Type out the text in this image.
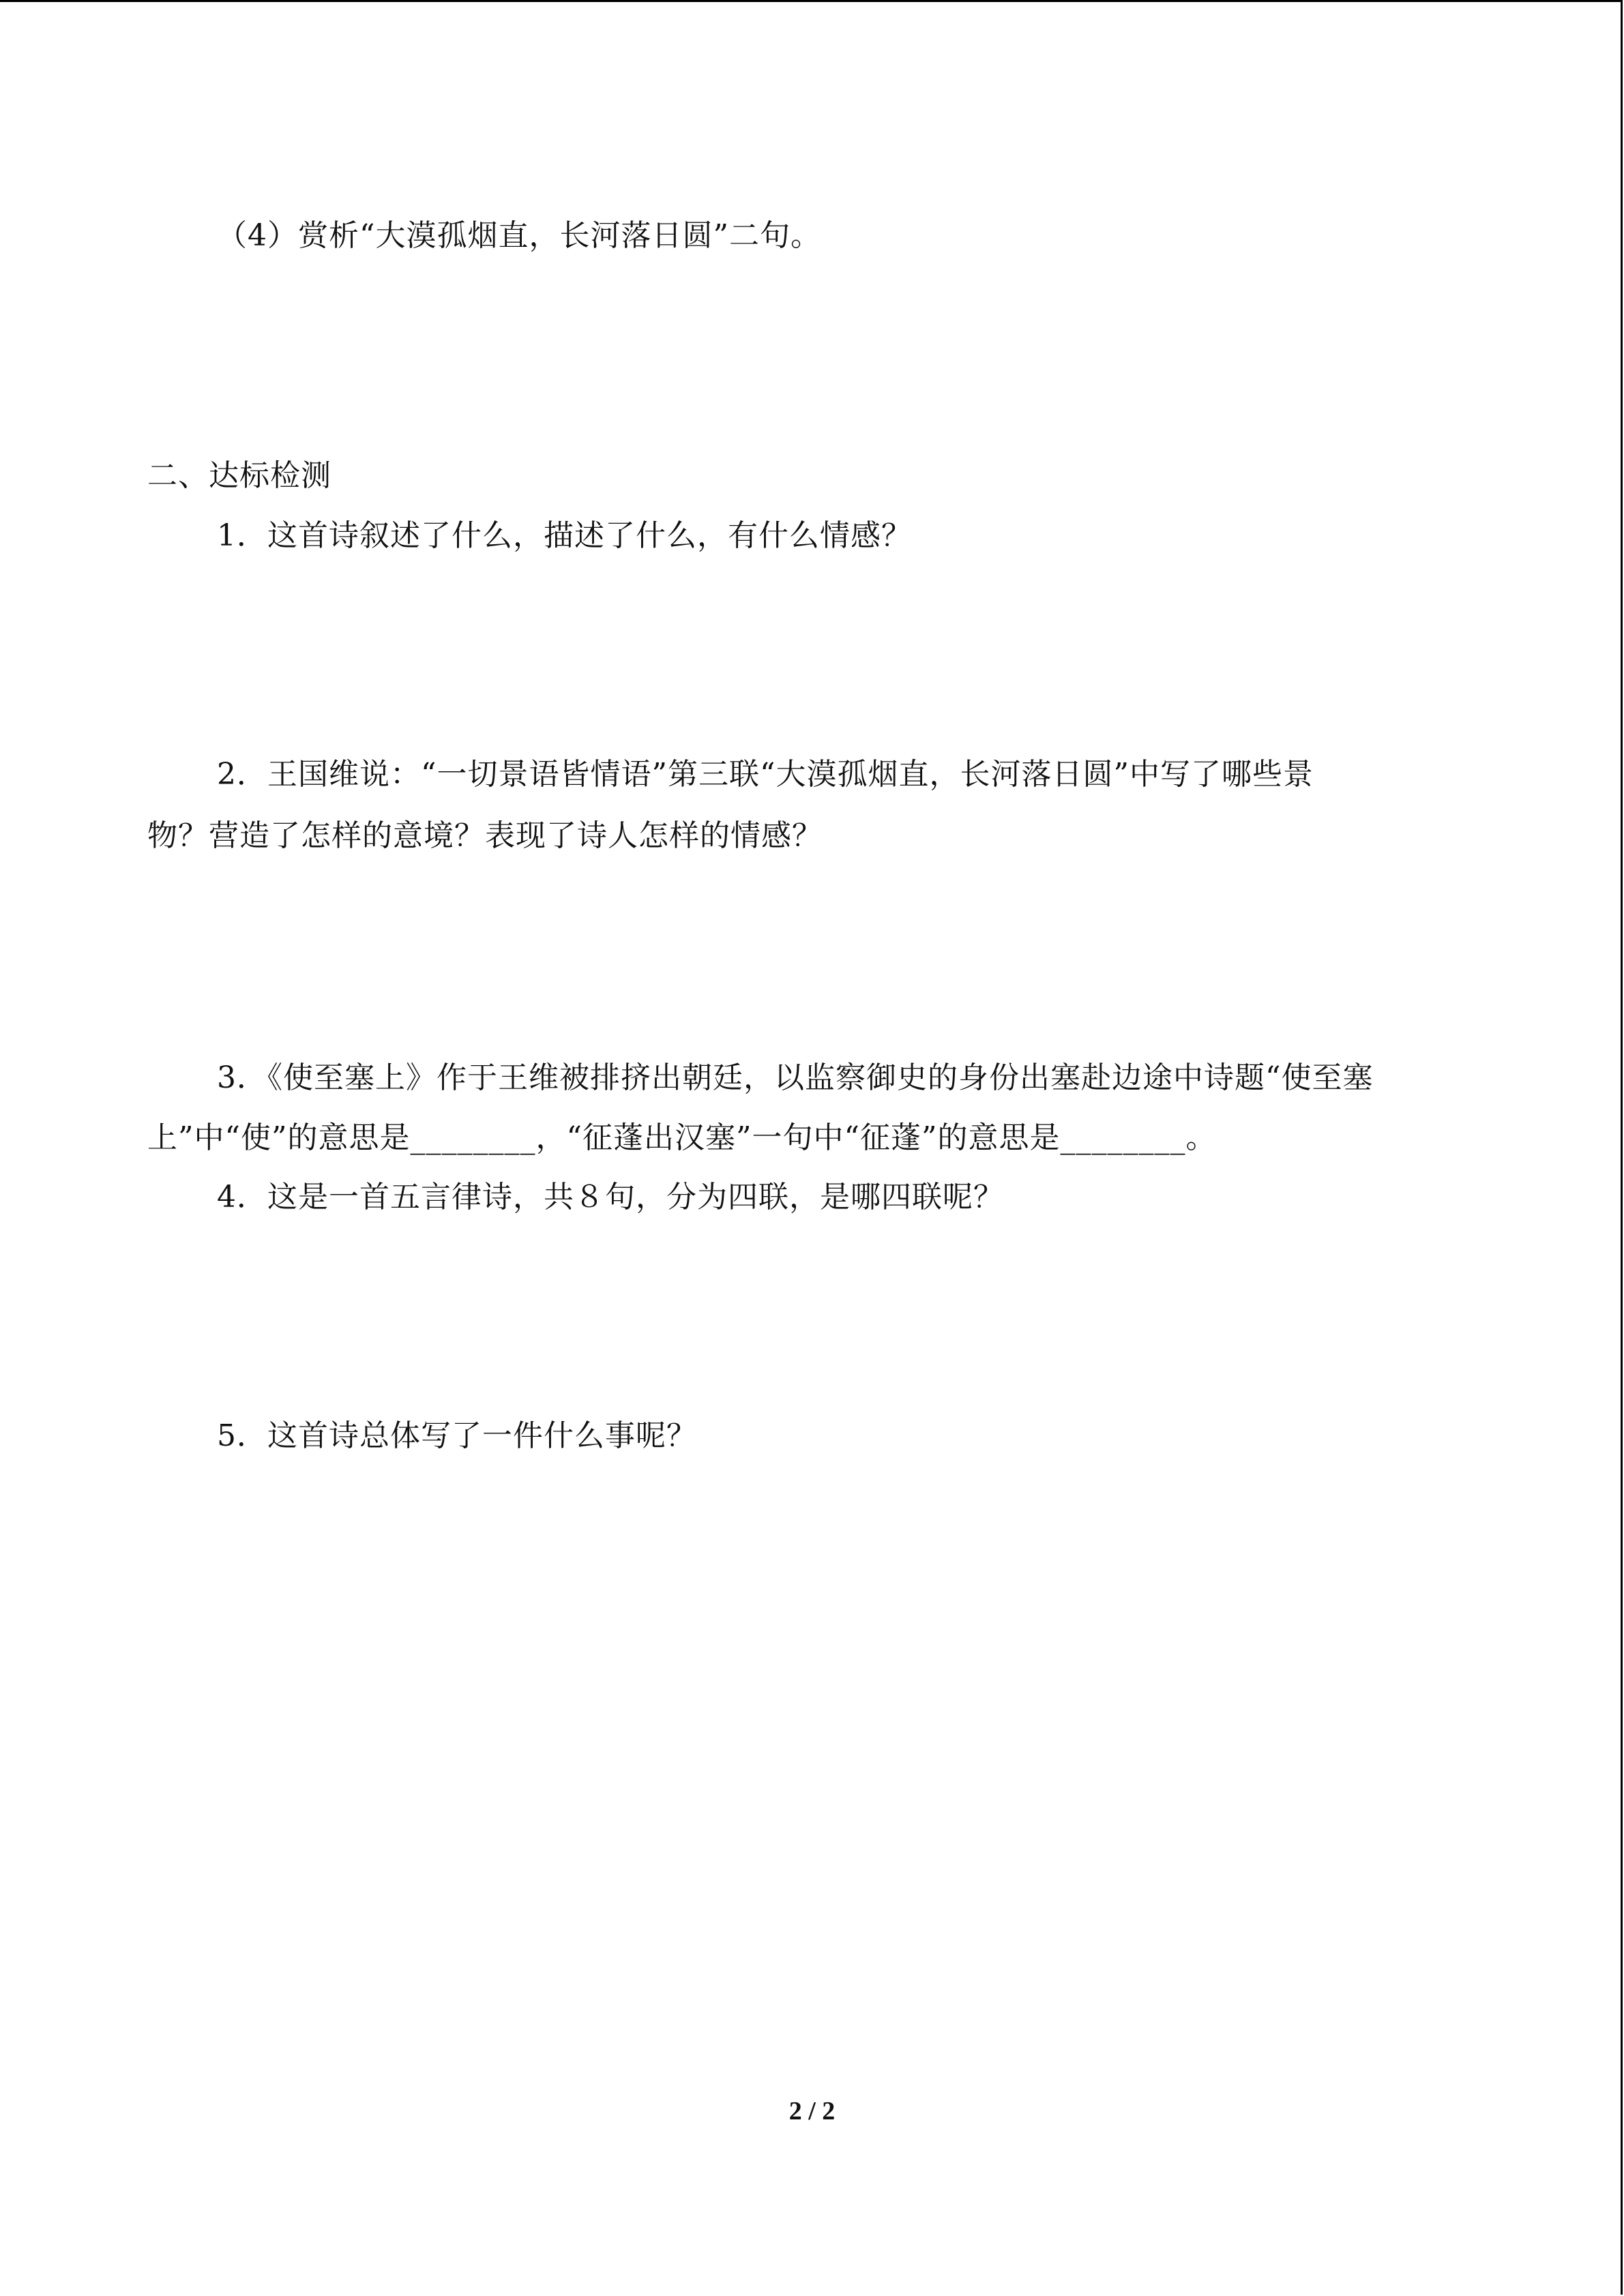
（4）赏析“大漠孤烟直，长河落日圆”二句。
二、达标检测
1．这首诗叙述了什么，描述了什么，有什么情感？
2．王国维说：“一切景语皆情语”第三联“大漠孤烟直，长河落日圆”中写了哪些景
物？营造了怎样的意境？表现了诗人怎样的情感？
3．《使至塞上》作于王维被排挤出朝廷，以监察御史的身份出塞赴边途中诗题“使至塞
上”中“使”的意思是________，“征蓬出汉塞”一句中“征蓬”的意思是________。
4．这是一首五言律诗，共８句，分为四联，是哪四联呢？
5．这首诗总体写了一件什么事呢？
2 / 2
